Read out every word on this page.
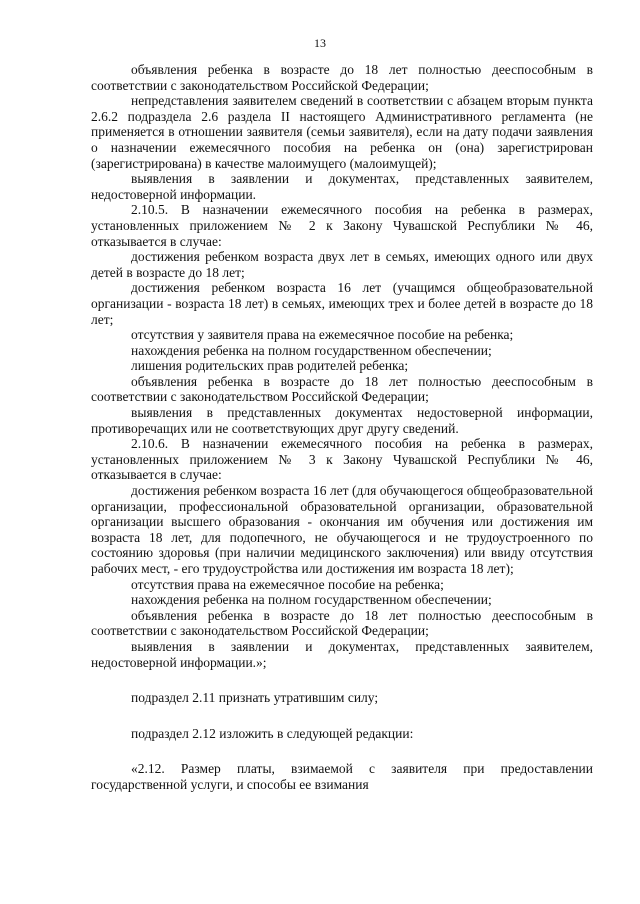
13

объявления ребенка в возрасте до 18 лет полностью дееспособным в соответствии с законодательством Российской Федерации;

непредставления заявителем сведений в соответствии с абзацем вторым пункта 2.6.2 подраздела 2.6 раздела II настоящего Административного регламента (не применяется в отношении заявителя (семьи заявителя), если на дату подачи заявления о назначении ежемесячного пособия на ребенка он (она) зарегистрирован (зарегистрирована) в качестве малоимущего (малоимущей);

выявления в заявлении и документах, представленных заявителем, недостоверной информации.

2.10.5. В назначении ежемесячного пособия на ребенка в размерах, установленных приложением № 2 к Закону Чувашской Республики № 46, отказывается в случае:

достижения ребенком возраста двух лет в семьях, имеющих одного или двух детей в возрасте до 18 лет;

достижения ребенком возраста 16 лет (учащимся общеобразовательной организации - возраста 18 лет) в семьях, имеющих трех и более детей в возрасте до 18 лет;

отсутствия у заявителя права на ежемесячное пособие на ребенка;

нахождения ребенка на полном государственном обеспечении;

лишения родительских прав родителей ребенка;

объявления ребенка в возрасте до 18 лет полностью дееспособным в соответствии с законодательством Российской Федерации;

выявления в представленных документах недостоверной информации, противоречащих или не соответствующих друг другу сведений.

2.10.6. В назначении ежемесячного пособия на ребенка в размерах, установленных приложением № 3 к Закону Чувашской Республики № 46, отказывается в случае:

достижения ребенком возраста 16 лет (для обучающегося общеобразовательной организации, профессиональной образовательной организации, образовательной организации высшего образования - окончания им обучения или достижения им возраста 18 лет, для подопечного, не обучающегося и не трудоустроенного по состоянию здоровья (при наличии медицинского заключения) или ввиду отсутствия рабочих мест, - его трудоустройства или достижения им возраста 18 лет);

отсутствия права на ежемесячное пособие на ребенка;

нахождения ребенка на полном государственном обеспечении;

объявления ребенка в возрасте до 18 лет полностью дееспособным в соответствии с законодательством Российской Федерации;

выявления в заявлении и документах, представленных заявителем, недостоверной информации.»;

подраздел 2.11 признать утратившим силу;

подраздел 2.12 изложить в следующей редакции:

«2.12. Размер платы, взимаемой с заявителя при предоставлении государственной услуги, и способы ее взимания
